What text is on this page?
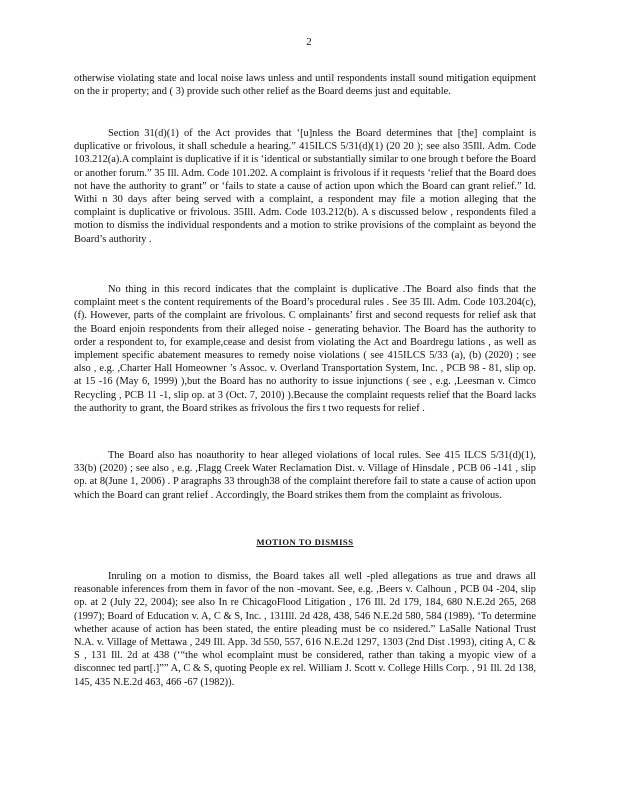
2

otherwise violating state and local noise laws unless and until respondents install sound mitigation equipment on the ir property; and ( 3) provide such other relief as the Board deems just and equitable.

Section 31(d)(1) of the Act provides that ‘[u]nless the Board determines that [the] complaint is duplicative or frivolous, it shall schedule a hearing.” 415ILCS 5/31(d)(1) (20 20 ); see also 35Ill. Adm. Code 103.212(a).A complaint is duplicative if it is ‘identical or substantially similar to one brough t before the Board or another forum.” 35 Ill. Adm. Code 101.202. A complaint is frivolous if it requests ‘relief that the Board does not have the authority to grant” or ‘fails to state a cause of action upon which the Board can grant relief.” Id. Withi n 30 days after being served with a complaint, a respondent may file a motion alleging that the complaint is duplicative or frivolous. 35Ill. Adm. Code 103.212(b). A s discussed below , respondents filed a motion to dismiss the individual respondents and a motion to strike provisions of the complaint as beyond the Board’s authority .

No thing in this record indicates that the complaint is duplicative .The Board also finds that the complaint meet s the content requirements of the Board’s procedural rules . See 35 Ill. Adm. Code 103.204(c), (f). However, parts of the complaint are frivolous. C omplainants’ first and second requests for relief ask that the Board enjoin respondents from their alleged noise - generating behavior. The Board has the authority to order a respondent to, for example,cease and desist from violating the Act and Boardregu lations , as well as implement specific abatement measures to remedy noise violations ( see 415ILCS 5/33 (a), (b) (2020) ; see also , e.g. ,Charter Hall Homeowner ’s Assoc. v. Overland Transportation System, Inc. , PCB 98 - 81, slip op. at 15 -16 (May 6, 1999) ),but the Board has no authority to issue injunctions ( see , e.g. ,Leesman v. Cimco Recycling , PCB 11 -1, slip op. at 3 (Oct. 7, 2010) ).Because the complaint requests relief that the Board lacks the authority to grant, the Board strikes as frivolous the firs t two requests for relief .

The Board also has noauthority to hear alleged violations of local rules. See 415 ILCS 5/31(d)(1), 33(b) (2020) ; see also , e.g. ,Flagg Creek Water Reclamation Dist. v. Village of Hinsdale , PCB 06 -141 , slip op. at 8(June 1, 2006) . P aragraphs 33 through38 of the complaint therefore fail to state a cause of action upon which the Board can grant relief . Accordingly, the Board strikes them from the complaint as frivolous.

MOTION TO DISMISS

Inruling on a motion to dismiss, the Board takes all well -pled allegations as true and draws all reasonable inferences from them in favor of the non -movant. See, e.g. ,Beers v. Calhoun , PCB 04 -204, slip op. at 2 (July 22, 2004); see also In re ChicagoFlood Litigation , 176 Ill. 2d 179, 184, 680 N.E.2d 265, 268 (1997); Board of Education v. A, C & S, Inc. , 131Ill. 2d 428, 438, 546 N.E.2d 580, 584 (1989). ‘To determine whether acause of action has been stated, the entire pleading must be co nsidered.” LaSalle National Trust N.A. v. Village of Mettawa , 249 Ill. App. 3d 550, 557, 616 N.E.2d 1297, 1303 (2nd Dist .1993), citing A, C & S , 131 Ill. 2d at 438 (‘“the whol ecomplaint must be considered, rather than taking a myopic view of a disconnec ted part[.]”” A, C & S, quoting People ex rel. William J. Scott v. College Hills Corp. , 91 Ill. 2d 138, 145, 435 N.E.2d 463, 466 -67 (1982)).
